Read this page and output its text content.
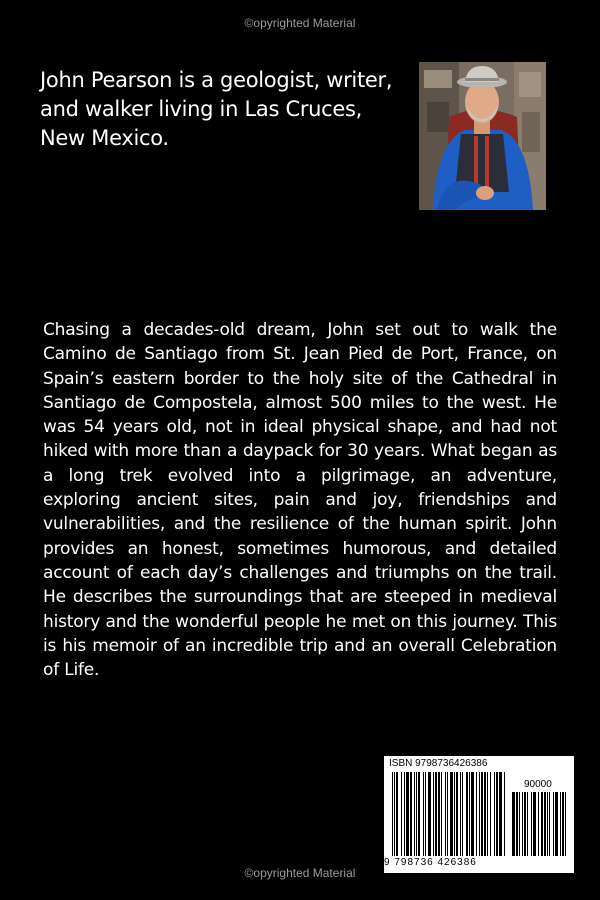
©opyrighted Material
John Pearson is a geologist, writer, and walker living in Las Cruces, New Mexico.
Chasing a decades-old dream, John set out to walk the Camino de Santiago from St. Jean Pied de Port, France, on Spain’s eastern border to the holy site of the Cathedral in Santiago de Compostela, almost 500 miles to the west. He was 54 years old, not in ideal physical shape, and had not hiked with more than a daypack for 30 years. What began as a long trek evolved into a pilgrimage, an adventure, exploring ancient sites, pain and joy, friendships and vulnerabilities, and the resilience of the human spirit. John provides an honest, sometimes humorous, and detailed account of each day’s challenges and triumphs on the trail. He describes the surroundings that are steeped in medieval history and the wonderful people he met on this journey. This is his memoir of an incredible trip and an overall Celebration of Life.
ISBN 9798736426386
90000
9 798736 426386
©opyrighted Material
